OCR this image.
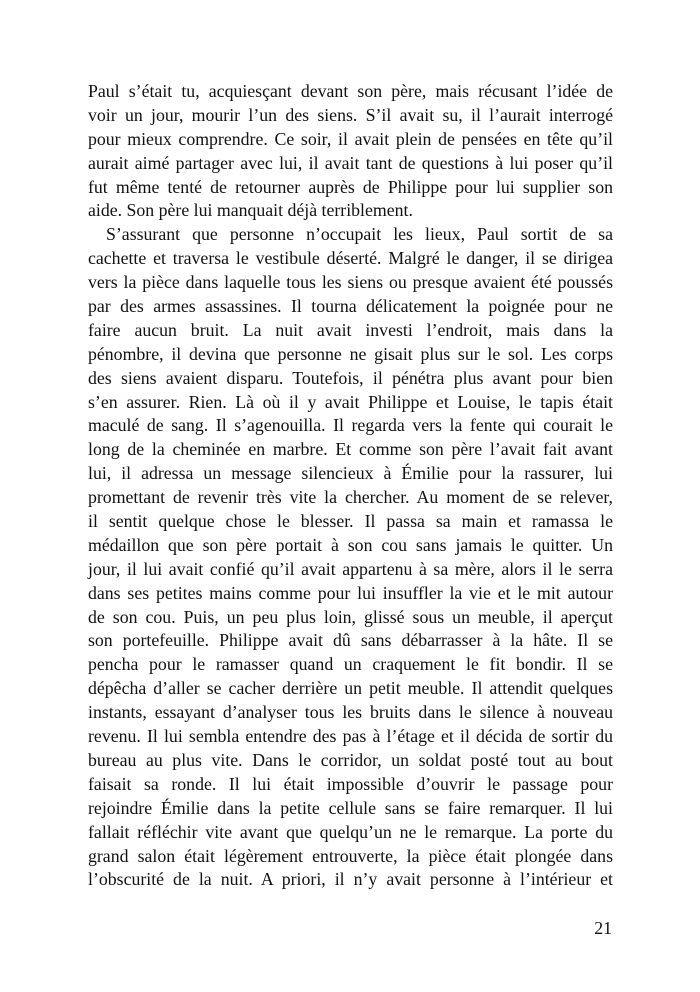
Paul s’était tu, acquiesçant devant son père, mais récusant l’idée de
voir un jour, mourir l’un des siens. S’il avait su, il l’aurait interrogé
pour mieux comprendre. Ce soir, il avait plein de pensées en tête qu’il
aurait aimé partager avec lui, il avait tant de questions à lui poser qu’il
fut même tenté de retourner auprès de Philippe pour lui supplier son
aide. Son père lui manquait déjà terriblement.
S’assurant que personne n’occupait les lieux, Paul sortit de sa
cachette et traversa le vestibule déserté. Malgré le danger, il se dirigea
vers la pièce dans laquelle tous les siens ou presque avaient été poussés
par des armes assassines. Il tourna délicatement la poignée pour ne
faire aucun bruit. La nuit avait investi l’endroit, mais dans la
pénombre, il devina que personne ne gisait plus sur le sol. Les corps
des siens avaient disparu. Toutefois, il pénétra plus avant pour bien
s’en assurer. Rien. Là où il y avait Philippe et Louise, le tapis était
maculé de sang. Il s’agenouilla. Il regarda vers la fente qui courait le
long de la cheminée en marbre. Et comme son père l’avait fait avant
lui, il adressa un message silencieux à Émilie pour la rassurer, lui
promettant de revenir très vite la chercher. Au moment de se relever,
il sentit quelque chose le blesser. Il passa sa main et ramassa le
médaillon que son père portait à son cou sans jamais le quitter. Un
jour, il lui avait confié qu’il avait appartenu à sa mère, alors il le serra
dans ses petites mains comme pour lui insuffler la vie et le mit autour
de son cou. Puis, un peu plus loin, glissé sous un meuble, il aperçut
son portefeuille. Philippe avait dû sans débarrasser à la hâte. Il se
pencha pour le ramasser quand un craquement le fit bondir. Il se
dépêcha d’aller se cacher derrière un petit meuble. Il attendit quelques
instants, essayant d’analyser tous les bruits dans le silence à nouveau
revenu. Il lui sembla entendre des pas à l’étage et il décida de sortir du
bureau au plus vite. Dans le corridor, un soldat posté tout au bout
faisait sa ronde. Il lui était impossible d’ouvrir le passage pour
rejoindre Émilie dans la petite cellule sans se faire remarquer. Il lui
fallait réfléchir vite avant que quelqu’un ne le remarque. La porte du
grand salon était légèrement entrouverte, la pièce était plongée dans
l’obscurité de la nuit. A priori, il n’y avait personne à l’intérieur et
21
